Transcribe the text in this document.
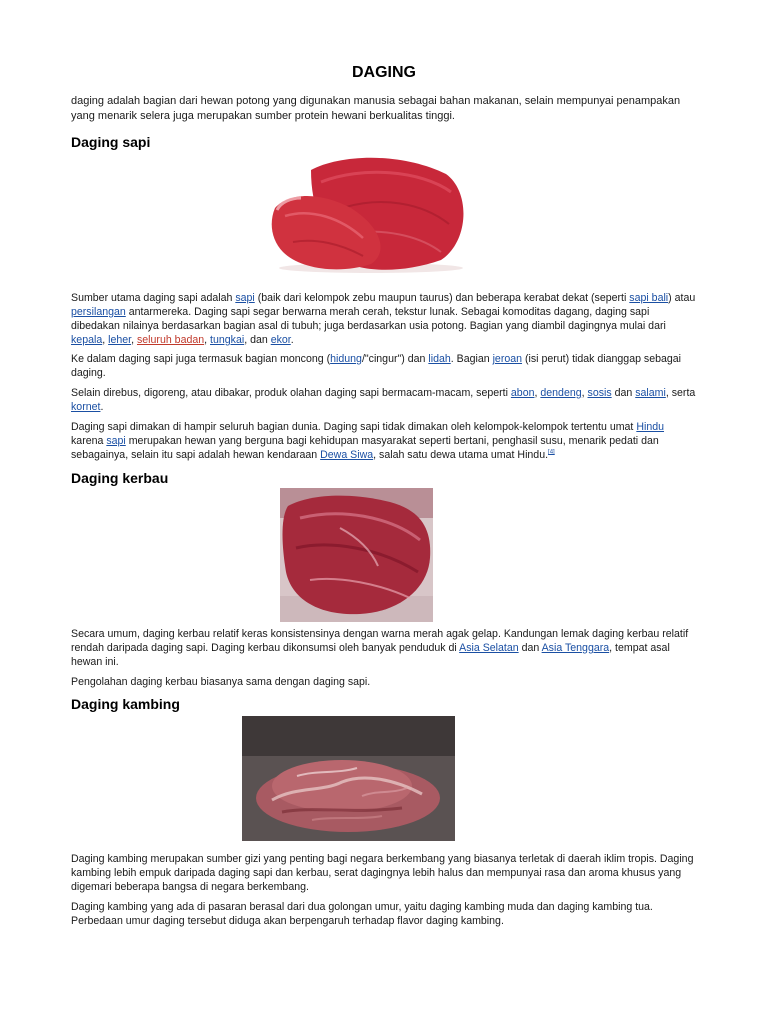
DAGING

daging adalah bagian dari hewan potong yang digunakan manusia sebagai bahan makanan, selain mempunyai penampakan yang menarik selera juga merupakan sumber protein hewani berkualitas tinggi.

Daging sapi

Sumber utama daging sapi adalah sapi (baik dari kelompok zebu maupun taurus) dan beberapa kerabat dekat (seperti sapi bali) atau persilangan antarmereka. Daging sapi segar berwarna merah cerah, tekstur lunak. Sebagai komoditas dagang, daging sapi dibedakan nilainya berdasarkan bagian asal di tubuh; juga berdasarkan usia potong. Bagian yang diambil dagingnya mulai dari kepala, leher, seluruh badan, tungkai, dan ekor.

Ke dalam daging sapi juga termasuk bagian moncong (hidung/"cingur") dan lidah. Bagian jeroan (isi perut) tidak dianggap sebagai daging.

Selain direbus, digoreng, atau dibakar, produk olahan daging sapi bermacam-macam, seperti abon, dendeng, sosis dan salami, serta kornet.

Daging sapi dimakan di hampir seluruh bagian dunia. Daging sapi tidak dimakan oleh kelompok-kelompok tertentu umat Hindu karena sapi merupakan hewan yang berguna bagi kehidupan masyarakat seperti bertani, penghasil susu, menarik pedati dan sebagainya, selain itu sapi adalah hewan kendaraan Dewa Siwa, salah satu dewa utama umat Hindu.[4]

Daging kerbau

Secara umum, daging kerbau relatif keras konsistensinya dengan warna merah agak gelap. Kandungan lemak daging kerbau relatif rendah daripada daging sapi. Daging kerbau dikonsumsi oleh banyak penduduk di Asia Selatan dan Asia Tenggara, tempat asal hewan ini.

Pengolahan daging kerbau biasanya sama dengan daging sapi.

Daging kambing

Daging kambing merupakan sumber gizi yang penting bagi negara berkembang yang biasanya terletak di daerah iklim tropis. Daging kambing lebih empuk daripada daging sapi dan kerbau, serat dagingnya lebih halus dan mempunyai rasa dan aroma khusus yang digemari beberapa bangsa di negara berkembang.

Daging kambing yang ada di pasaran berasal dari dua golongan umur, yaitu daging kambing muda dan daging kambing tua. Perbedaan umur daging tersebut diduga akan berpengaruh terhadap flavor daging kambing.
